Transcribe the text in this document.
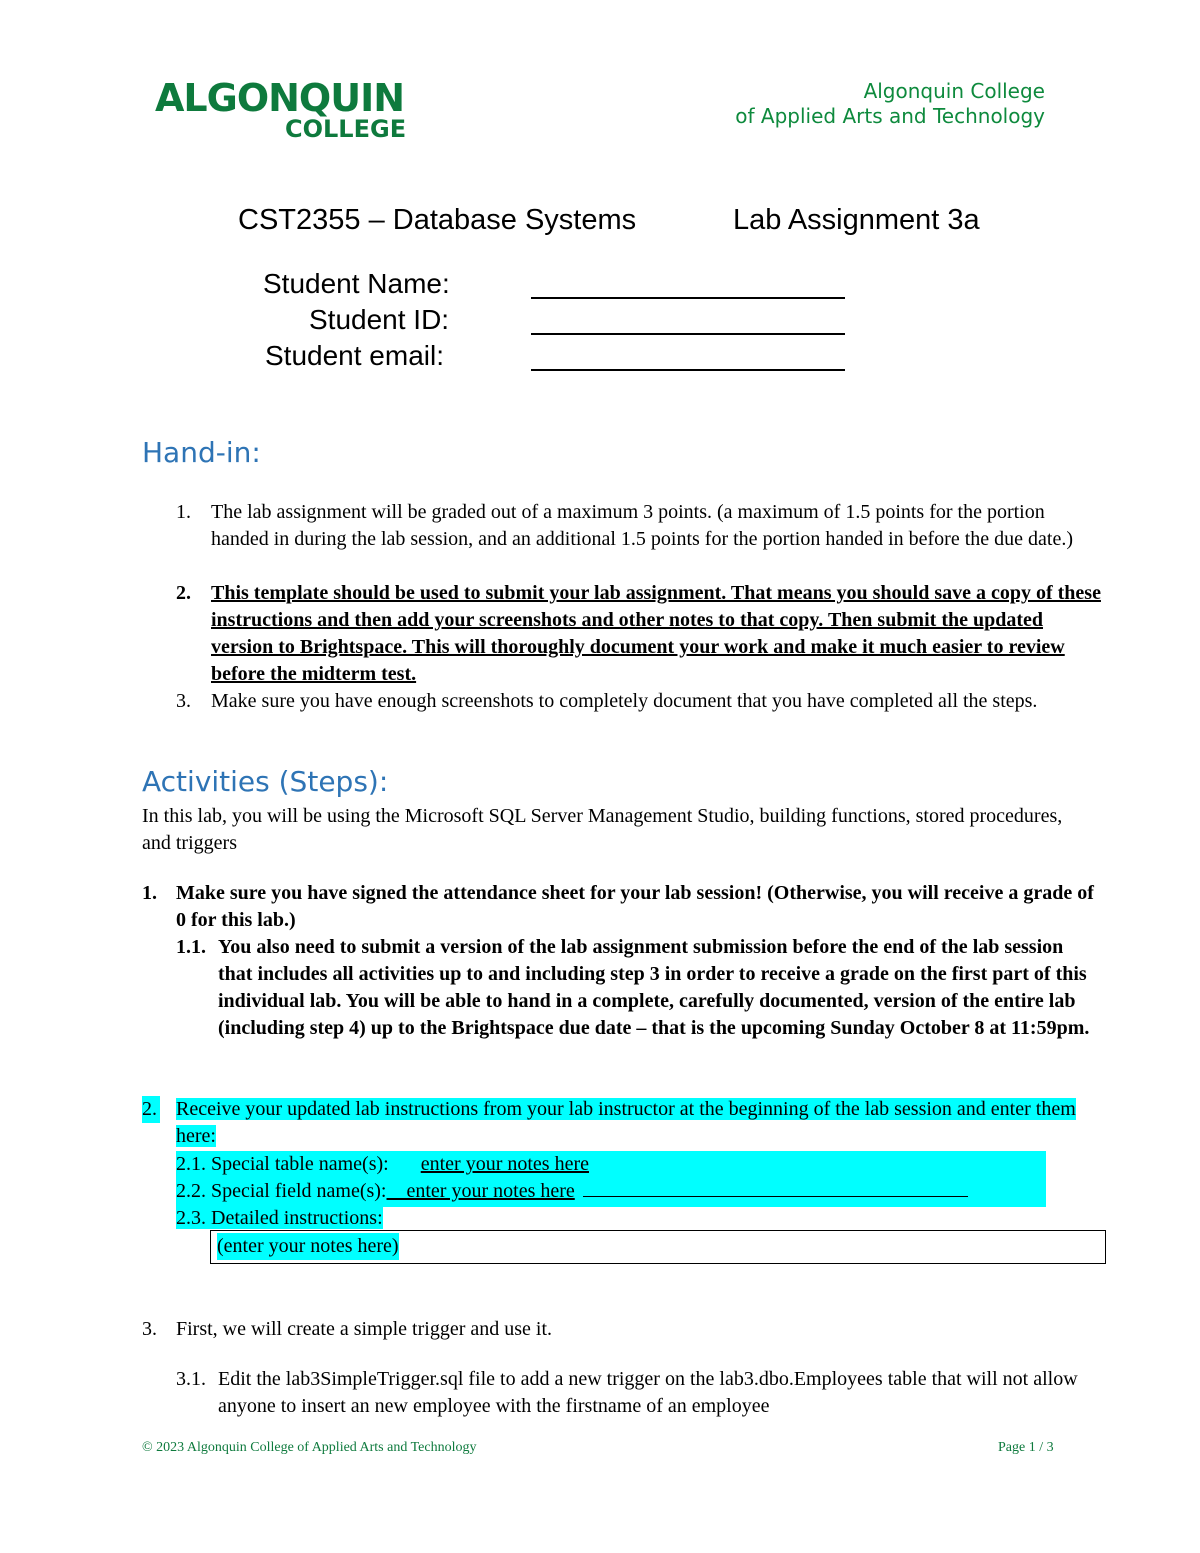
ALGONQUIN
COLLEGE
Algonquin College
of Applied Arts and Technology
CST2355 – Database Systems	Lab Assignment 3a
Student Name:
Student ID:
Student email:
Hand-in:
1.	The lab assignment will be graded out of a maximum 3 points. (a maximum of 1.5 points for the portion handed in during the lab session, and an additional 1.5 points for the portion handed in before the due date.)
2.	This template should be used to submit your lab assignment. That means you should save a copy of these instructions and then add your screenshots and other notes to that copy. Then submit the updated version to Brightspace. This will thoroughly document your work and make it much easier to review before the midterm test.
3.	Make sure you have enough screenshots to completely document that you have completed all the steps.
Activities (Steps):
In this lab, you will be using the Microsoft SQL Server Management Studio, building functions, stored procedures, and triggers
1. Make sure you have signed the attendance sheet for your lab session! (Otherwise, you will receive a grade of 0 for this lab.)
1.1. You also need to submit a version of the lab assignment submission before the end of the lab session that includes all activities up to and including step 3 in order to receive a grade on the first part of this individual lab. You will be able to hand in a complete, carefully documented, version of the entire lab (including step 4) up to the Brightspace due date – that is the upcoming Sunday October 8 at 11:59pm.
2. Receive your updated lab instructions from your lab instructor at the beginning of the lab session and enter them here:
2.1. Special table name(s): enter your notes here
2.2. Special field name(s): enter your notes here
2.3. Detailed instructions:
(enter your notes here)
3. First, we will create a simple trigger and use it.
3.1. Edit the lab3SimpleTrigger.sql file to add a new trigger on the lab3.dbo.Employees table that will not allow anyone to insert an new employee with the firstname of an employee
© 2023 Algonquin College of Applied Arts and Technology	Page 1 / 3
